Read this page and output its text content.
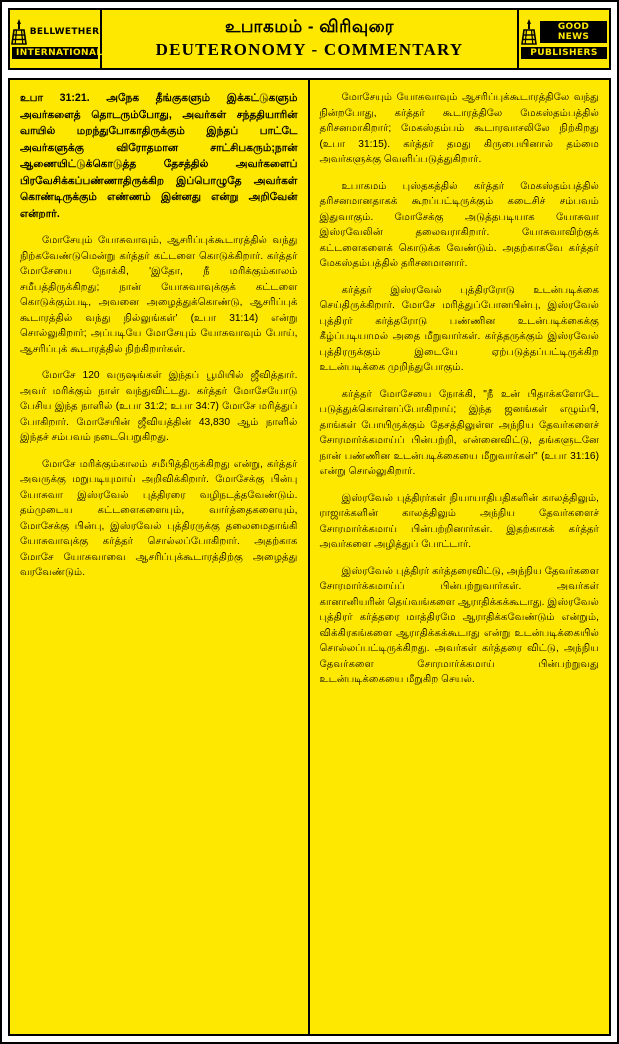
BELLWETHER
INTERNATIONAL
உபாகமம் - விரிவுரை
DEUTERONOMY - COMMENTARY
GOOD NEWS
PUBLISHERS

உபா 31:21. அநேக தீங்குகளும் இக்கட்டுகளும் அவர்களைத் தொடரும்போது, அவர்கள் சந்ததியாரின் வாயில் மறந்துபோகாதிருக்கும் இந்தப் பாட்டே அவர்களுக்கு விரோதமான சாட்சிபகரும்;நான் ஆணையிட்டுக்கொடுத்த தேசத்தில் அவர்களைப் பிரவேசிக்கப்பண்ணாதிருக்கிற இப்பொழுதே அவர்கள் கொண்டிருக்கும் எண்ணம் இன்னது என்று அறிவேன் என்றார்.

மோசேயும் யோசுவாவும், ஆசரிப்புக்கூடாரத்தில் வந்து நிற்கவேண்டுமென்று கர்த்தர் கட்டளை கொடுக்கிறார். கர்த்தர் மோசேயை நோக்கி, 'இதோ, நீ மரிக்கும்காலம் சமீபத்திருக்கிறது; நான் யோசுவாவுக்குக் கட்டளை கொடுக்கும்படி, அவனை அழைத்துக்கொண்டு, ஆசரிப்புக் கூடாரத்தில் வந்து நில்லுங்கள்' (உபா 31:14) என்று சொல்லுகிறார்; அப்படியே மோசேயும் யோசுவாவும் போய், ஆசரிப்புக் கூடாரத்தில் நிற்கிறார்கள்.

மோசே 120 வருஷங்கள் இந்தப் பூமியில் ஜீவித்தார். அவர் மரிக்கும் நாள் வந்துவிட்டது. கர்த்தர் மோசேயோடு பேசிய இந்த நாளில் (உபா 31:2; உபா 34:7) மோசே மரித்துப் போகிறார். மோசேயின் ஜீவியத்தின் 43,830 ஆம் நாளில் இந்தச் சம்பவம் நடைபெறுகிறது.

மோசே மரிக்கும்காலம் சமீபித்திருக்கிறது என்று, கர்த்தர் அவருக்கு மறுபடியுமாய் அறிவிக்கிறார். மோசேக்கு பின்பு யோசுவா இஸ்ரவேல் புத்திரரை வழிநடத்தவேண்டும். தம்முடைய கட்டளைகளையும், வார்த்தைகளையும், மோசேக்கு பின்பு, இஸ்ரவேல் புத்திரருக்கு தலைமைதாங்கி யோசுவாவுக்கு கர்த்தர் சொல்லப்போகிறார். அதற்காக மோசே யோசுவாவை ஆசரிப்புக்கூடாரத்திற்கு அழைத்து வரவேண்டும்.

மோசேயும் யோசுவாவும் ஆசரிப்புக்கூடாரத்திலே வந்து நின்றபோது, கர்த்தர் கூடாரத்திலே மேகஸ்தம்பத்தில் தரிசனமாகிறார்; மேகஸ்தம்பம் கூடாரவாசலிலே நிற்கிறது (உபா 31:15). கர்த்தர் தமது கிருபையினால் தம்மை அவர்களுக்கு வெளிப்படுத்துகிறார்.

உபாகமம் புஸ்தகத்தில் கர்த்தர் மேகஸ்தம்பத்தில் தரிசனமானதாகக் கூறப்பட்டிருக்கும் கடைசிச் சம்பவம் இதுவாகும். மோசேக்கு அடுத்தபடியாக யோசுவா இஸ்ரவேலின் தலைவராகிறார். யோசுவாவிற்குக் கட்டளைகளைக் கொடுக்க வேண்டும். அதற்காகவே கர்த்தர் மேகஸ்தம்பத்தில் தரிசனமானார்.

கர்த்தர் இஸ்ரவேல் புத்திரரோடு உடன்படிக்கை செய்திருக்கிறார். மோசே மரித்துப்போனபின்பு, இஸ்ரவேல் புத்திரர் கர்த்தரோடு பண்ணின உடன்படிக்கைக்கு கீழ்ப்படியாமல் அதை மீறுவார்கள். கர்த்தருக்கும் இஸ்ரவேல் புத்திரருக்கும் இடையே ஏற்படுத்தப்பட்டிருக்கிற உடன்படிக்கை முறிந்துபோகும்.

கர்த்தர் மோசேயை நோக்கி, "நீ உன் பிதாக்களோடே படுத்துக்கொள்ளப்போகிறாய்; இந்த ஜனங்கள் எழும்பி, தாங்கள் போயிருக்கும் தேசத்திலுள்ள அந்நிய தேவர்களைச் சோரமார்க்கமாய்ப் பின்பற்றி, என்னைவிட்டு, தங்களுடனே நான் பண்ணின உடன்படிக்கையை மீறுவார்கள்" (உபா 31:16) என்று சொல்லுகிறார்.

இஸ்ரவேல் புத்திரர்கள் நியாயாதிபதிகளின் காலத்திலும், ராஜாக்களின் காலத்திலும் அந்நிய தேவர்களைச் சோரமார்க்கமாய் பின்பற்றினார்கள். இதற்காகக் கர்த்தர் அவர்களை அழித்துப் போட்டார்.

இஸ்ரவேல் புத்திரர் கர்த்தரைவிட்டு, அந்நிய தேவர்களை சோரமார்க்கமாய்ப் பின்பற்றுவார்கள். அவர்கள் கானானியரின் தெய்வங்களை ஆராதிக்கக்கூடாது. இஸ்ரவேல் புத்திரர் கர்த்தரை மாத்திரமே ஆராதிக்கவேண்டும் என்றும், விக்கிரகங்களை ஆராதிக்கக்கூடாது என்று உடன்படிக்கையில் சொல்லப்பட்டிருக்கிறது. அவர்கள் கர்த்தரை விட்டு, அந்நிய தேவர்களை சோரமார்க்கமாய் பின்பற்றுவது உடன்படிக்கையை மீறுகிற செயல்.
